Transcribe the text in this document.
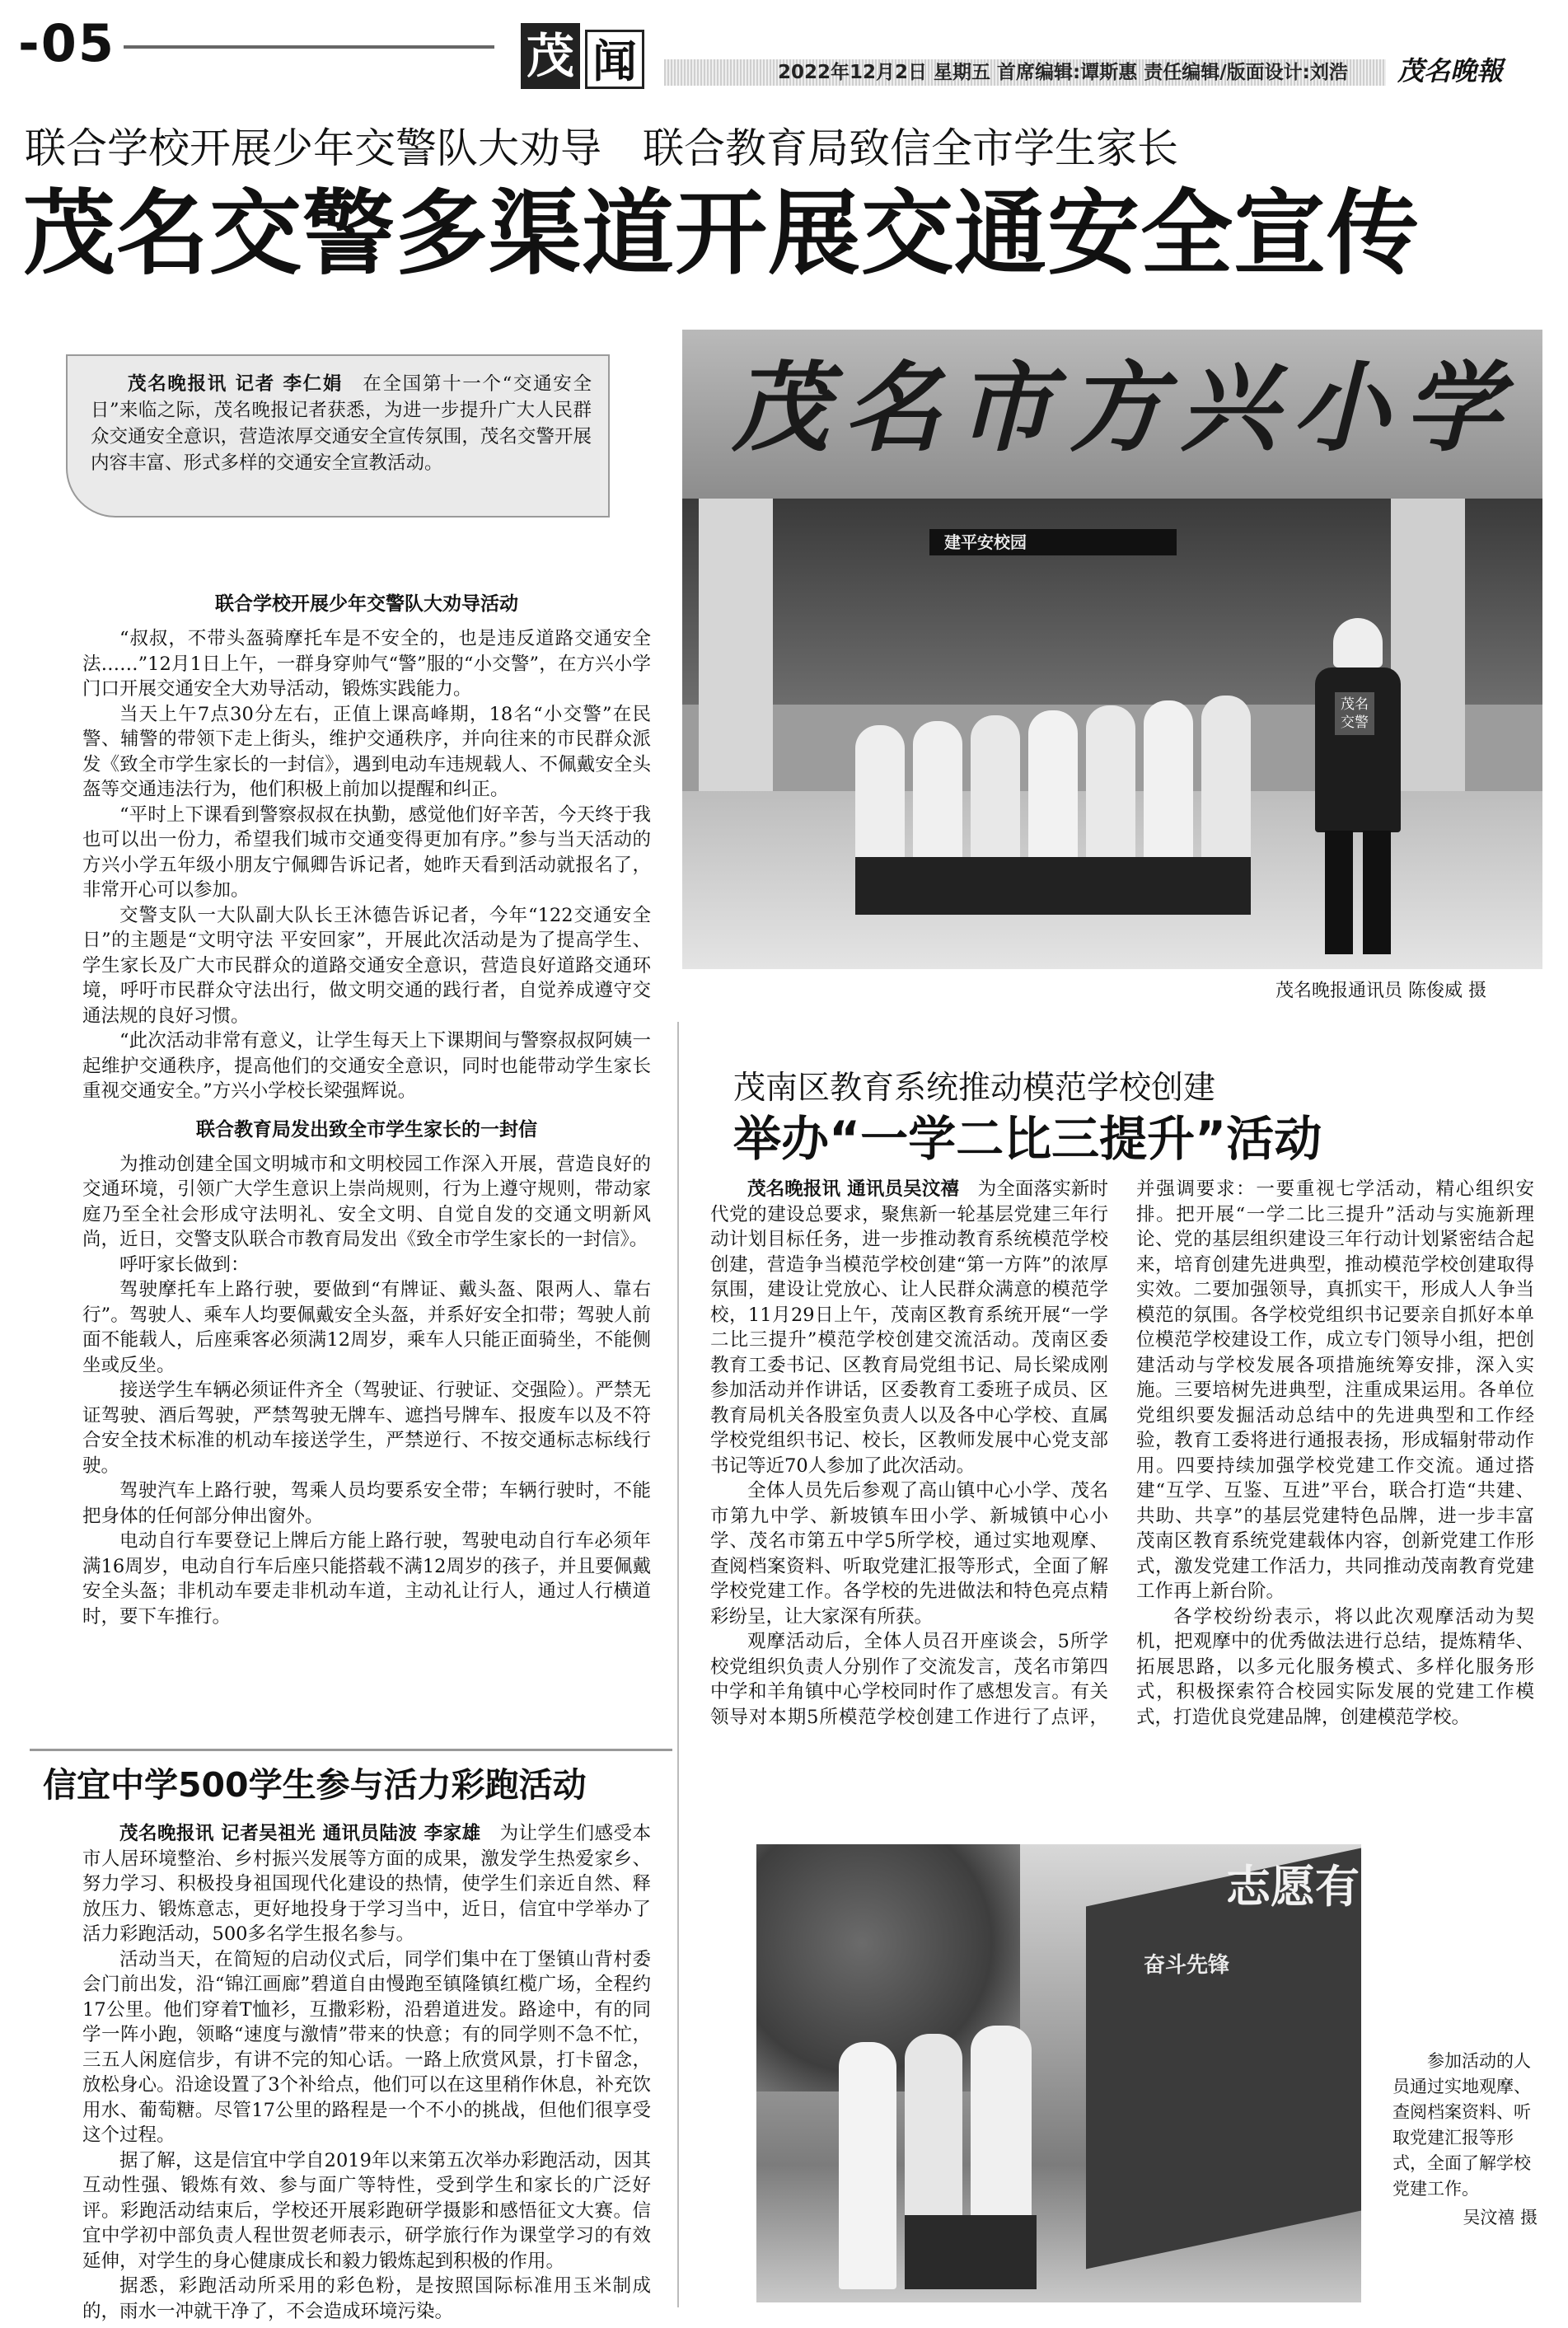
-05	茂 闻	2022年12月2日 星期五 首席编辑:谭斯惠 责任编辑/版面设计:刘浩 茂名晚報
联合学校开展少年交警队大劝导　联合教育局致信全市学生家长
茂名交警多渠道开展交通安全宣传

茂名晚报讯 记者 李仁娟　 在全国第十一个“交通安全日”来临之际，茂名晚报记者获悉，为进一步提升广大人民群众交通安全意识，营造浓厚交通安全宣传氛围，茂名交警开展内容丰富、形式多样的交通安全宣教活动。

联合学校开展少年交警队大劝导活动

“叔叔，不带头盔骑摩托车是不安全的，也是违反道路交通安全法……”12月1日上午，一群身穿帅气“警”服的“小交警”，在方兴小学门口开展交通安全大劝导活动，锻炼实践能力。

当天上午7点30分左右，正值上课高峰期，18名“小交警”在民警、辅警的带领下走上街头，维护交通秩序，并向往来的市民群众派发《致全市学生家长的一封信》，遇到电动车违规载人、不佩戴安全头盔等交通违法行为，他们积极上前加以提醒和纠正。

“平时上下课看到警察叔叔在执勤，感觉他们好辛苦，今天终于我也可以出一份力，希望我们城市交通变得更加有序。”参与当天活动的方兴小学五年级小朋友宁佩卿告诉记者，她昨天看到活动就报名了，非常开心可以参加。

交警支队一大队副大队长王沐德告诉记者，今年“122交通安全日”的主题是“文明守法 平安回家”，开展此次活动是为了提高学生、学生家长及广大市民群众的道路交通安全意识，营造良好道路交通环境，呼吁市民群众守法出行，做文明交通的践行者，自觉养成遵守交通法规的良好习惯。

“此次活动非常有意义，让学生每天上下课期间与警察叔叔阿姨一起维护交通秩序，提高他们的交通安全意识，同时也能带动学生家长重视交通安全。”方兴小学校长梁强辉说。

联合教育局发出致全市学生家长的一封信

为推动创建全国文明城市和文明校园工作深入开展，营造良好的交通环境，引领广大学生意识上崇尚规则，行为上遵守规则，带动家庭乃至全社会形成守法明礼、安全文明、自觉自发的交通文明新风尚，近日，交警支队联合市教育局发出《致全市学生家长的一封信》。

呼吁家长做到：

驾驶摩托车上路行驶，要做到“有牌证、戴头盔、限两人、靠右行”。驾驶人、乘车人均要佩戴安全头盔，并系好安全扣带；驾驶人前面不能载人，后座乘客必须满12周岁，乘车人只能正面骑坐，不能侧坐或反坐。

接送学生车辆必须证件齐全（驾驶证、行驶证、交强险）。严禁无证驾驶、酒后驾驶，严禁驾驶无牌车、遮挡号牌车、报废车以及不符合安全技术标准的机动车接送学生，严禁逆行、不按交通标志标线行驶。

驾驶汽车上路行驶，驾乘人员均要系安全带；车辆行驶时，不能把身体的任何部分伸出窗外。

电动自行车要登记上牌后方能上路行驶，驾驶电动自行车必须年满16周岁，电动自行车后座只能搭载不满12周岁的孩子，并且要佩戴安全头盔；非机动车要走非机动车道，主动礼让行人，通过人行横道时，要下车推行。

茂名市方兴小学
建平安校园
茂名交警
茂名晚报通讯员 陈俊威 摄
茂南区教育系统推动模范学校创建
举办“一学二比三提升”活动

茂名晚报讯 通讯员吴汶禧　 为全面落实新时代党的建设总要求，聚焦新一轮基层党建三年行动计划目标任务，进一步推动教育系统模范学校创建，营造争当模范学校创建“第一方阵”的浓厚氛围，建设让党放心、让人民群众满意的模范学校，11月29日上午，茂南区教育系统开展“一学二比三提升”模范学校创建交流活动。茂南区委教育工委书记、区教育局党组书记、局长梁成刚参加活动并作讲话，区委教育工委班子成员、区教育局机关各股室负责人以及各中心学校、直属学校党组织书记、校长，区教师发展中心党支部书记等近70人参加了此次活动。

全体人员先后参观了高山镇中心小学、茂名市第九中学、新坡镇车田小学、新城镇中心小学、茂名市第五中学5所学校，通过实地观摩、查阅档案资料、听取党建汇报等形式，全面了解学校党建工作。各学校的先进做法和特色亮点精彩纷呈，让大家深有所获。

观摩活动后，全体人员召开座谈会，5所学校党组织负责人分别作了交流发言，茂名市第四中学和羊角镇中心学校同时作了感想发言。有关领导对本期5所模范学校创建工作进行了点评，并强调要求：一要重视七学活动，精心组织安排。把开展“一学二比三提升”活动与实施新理论、党的基层组织建设三年行动计划紧密结合起来，培育创建先进典型，推动模范学校创建取得实效。二要加强领导，真抓实干，形成人人争当模范的氛围。各学校党组织书记要亲自抓好本单位模范学校建设工作，成立专门领导小组，把创建活动与学校发展各项措施统筹安排，深入实施。三要培树先进典型，注重成果运用。各单位党组织要发掘活动总结中的先进典型和工作经验，教育工委将进行通报表扬，形成辐射带动作用。四要持续加强学校党建工作交流。通过搭建“互学、互鉴、互进”平台，联合打造“共建、共助、共享”的基层党建特色品牌，进一步丰富茂南区教育系统党建载体内容，创新党建工作形式，激发党建工作活力，共同推动茂南教育党建工作再上新台阶。

各学校纷纷表示，将以此次观摩活动为契机，把观摩中的优秀做法进行总结，提炼精华、拓展思路，以多元化服务模式、多样化服务形式，积极探索符合校园实际发展的党建工作模式，打造优良党建品牌，创建模范学校。

志愿有
奋斗先锋

参加活动的人员通过实地观摩、查阅档案资料、听取党建汇报等形式，全面了解学校党建工作。

吴汶禧 摄

信宜中学500学生参与活力彩跑活动

茂名晚报讯 记者吴祖光 通讯员陆波 李家雄　 为让学生们感受本市人居环境整治、乡村振兴发展等方面的成果，激发学生热爱家乡、努力学习、积极投身祖国现代化建设的热情，使学生们亲近自然、释放压力、锻炼意志，更好地投身于学习当中，近日，信宜中学举办了活力彩跑活动，500多名学生报名参与。

活动当天，在简短的启动仪式后，同学们集中在丁堡镇山背村委会门前出发，沿“锦江画廊”碧道自由慢跑至镇隆镇红榄广场，全程约17公里。他们穿着T恤衫，互撒彩粉，沿碧道进发。路途中，有的同学一阵小跑，领略“速度与激情”带来的快意；有的同学则不急不忙，三五人闲庭信步，有讲不完的知心话。一路上欣赏风景，打卡留念，放松身心。沿途设置了3个补给点，他们可以在这里稍作休息，补充饮用水、葡萄糖。尽管17公里的路程是一个不小的挑战，但他们很享受这个过程。

据了解，这是信宜中学自2019年以来第五次举办彩跑活动，因其互动性强、锻炼有效、参与面广等特性，受到学生和家长的广泛好评。彩跑活动结束后，学校还开展彩跑研学摄影和感悟征文大赛。信宜中学初中部负责人程世贺老师表示，研学旅行作为课堂学习的有效延伸，对学生的身心健康成长和毅力锻炼起到积极的作用。

据悉，彩跑活动所采用的彩色粉，是按照国际标准用玉米制成的，雨水一冲就干净了，不会造成环境污染。
